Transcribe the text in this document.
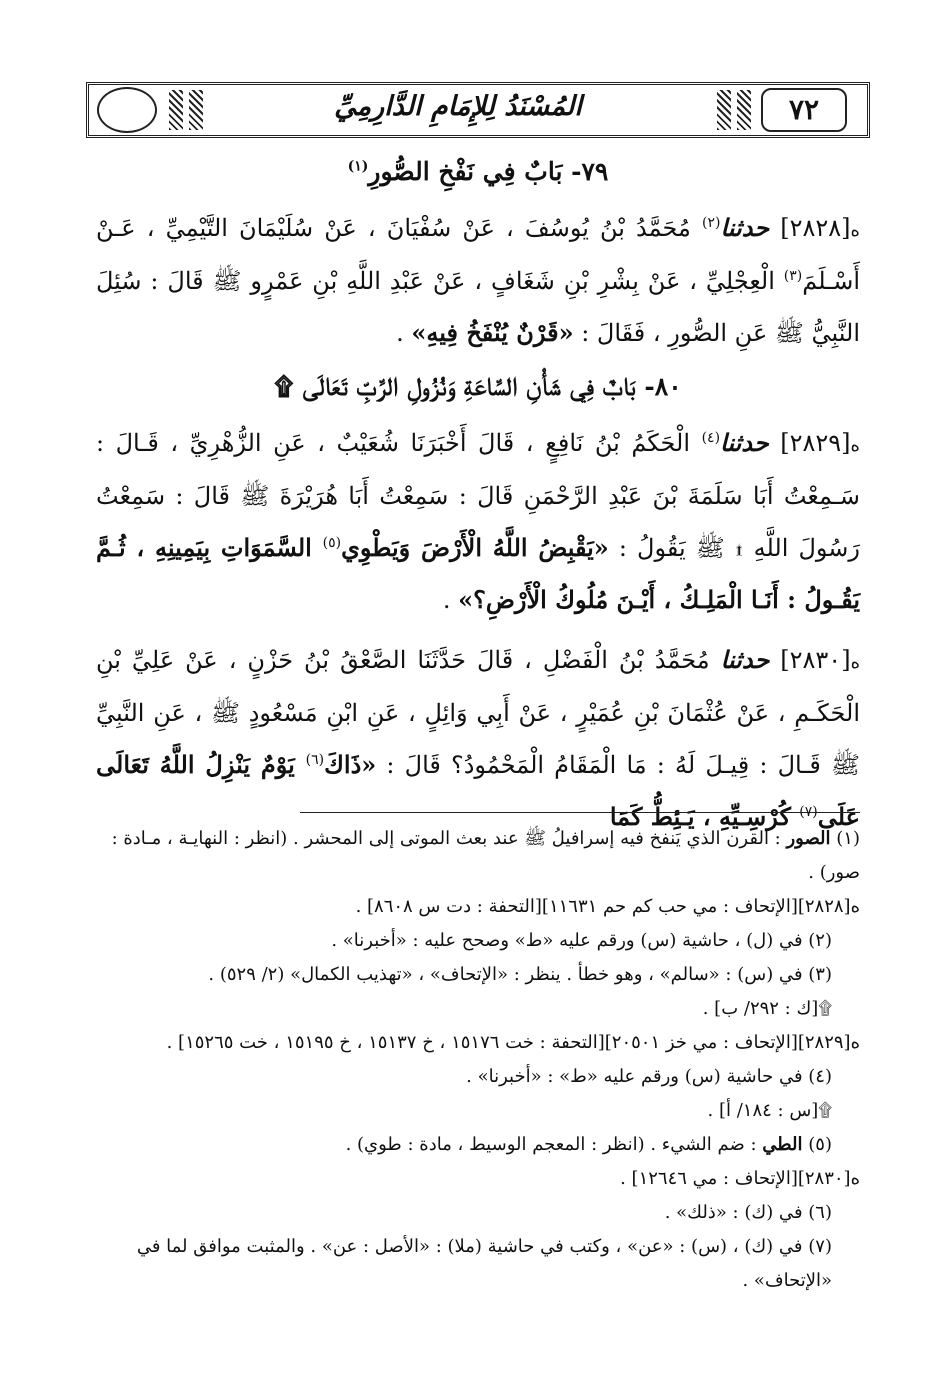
المُسْنَدُ لِلإِمَامِ الدَّارِمِيِّ	٧٢

٧٩- بَابٌ فِي نَفْخِ الصُّورِ$^{(١)}$

ە[٢٨٢٨] حدثنا$^{(٢)}$ مُحَمَّدُ بْنُ يُوسُفَ ، عَنْ سُفْيَانَ ، عَنْ سُلَيْمَانَ التَّيْمِيِّ ، عَـنْ أَسْـلَمَ$^{(٣)}$ الْعِجْلِيِّ ، عَنْ بِشْرِ بْنِ شَغَافٍ ، عَنْ عَبْدِ اللَّهِ بْنِ عَمْرٍو ﷺ قَالَ : سُئِلَ النَّبِيُّ ﷺ عَنِ الصُّورِ ، فَقَالَ : «قَرْنٌ يُنْفَخُ فِيهِ» .

٨٠- بَابٌ فِي شَأْنِ السَّاعَةِ وَنُزُولِ الرَّبِّ تَعَالَى ۩

ە[٢٨٢٩] حدثنا$^{(٤)}$ الْحَكَمُ بْنُ نَافِعٍ ، قَالَ أَخْبَرَنَا شُعَيْبٌ ، عَنِ الزُّهْرِيِّ ، قَـالَ : سَـمِعْتُ أَبَا سَلَمَةَ بْنَ عَبْدِ الرَّحْمَنِ قَالَ : سَمِعْتُ أَبَا هُرَيْرَةَ ﷺ قَالَ : سَمِعْتُ رَسُولَ اللَّهِ ۩ ﷺ يَقُولُ : «يَقْبِضُ اللَّهُ الْأَرْضَ وَيَطْوِي$^{(٥)}$ السَّمَوَاتِ بِيَمِينِهِ ، ثُـمَّ يَقُـولُ : أَنَـا الْمَلِـكُ ، أَيْـنَ مُلُوكُ الْأَرْضِ؟» .

ە[٢٨٣٠] حدثنا مُحَمَّدُ بْنُ الْفَضْلِ ، قَالَ حَدَّثَنَا الصَّعْقُ بْنُ حَزْنٍ ، عَنْ عَلِيِّ بْنِ الْحَكَـمِ ، عَنْ عُثْمَانَ بْنِ عُمَيْرٍ ، عَنْ أَبِي وَائِلٍ ، عَنِ ابْنِ مَسْعُودٍ ﷺ ، عَنِ النَّبِيِّ ﷺ قَـالَ : قِيـلَ لَهُ : مَا الْمَقَامُ الْمَحْمُودُ؟ قَالَ : «ذَاكَ$^{(٦)}$ يَوْمٌ يَنْزِلُ اللَّهُ تَعَالَى عَلَى$^{(٧)}$ كُرْسِـيِّهِ ، يَـئِطُّ كَمَا

(١) الصور : القرن الذي يَنفخ فيه إسرافيلُ ﷺ عند بعث الموتى إلى المحشر . (انظر : النهايـة ، مـادة : صور) .

ە[٢٨٢٨][الإتحاف : مي حب كم حم ١١٦٣١][التحفة : دت س ٨٦٠٨] .

(٢) في (ل) ، حاشية (س) ورقم عليه «ط» وصحح عليه : «أخبرنا» .

(٣) في (س) : «سالم» ، وهو خطأ . ينظر : «الإتحاف» ، «تهذيب الكمال» (٢/ ٥٢٩) .

۩[ك : ٢٩٢/ ب] .

ە[٢٨٢٩][الإتحاف : مي خز ٢٠٥٠١][التحفة : خت ١٥١٧٦ ، خ ١٥١٣٧ ، خ ١٥١٩٥ ، خت ١٥٢٦٥] .

(٤) في حاشية (س) ورقم عليه «ط» : «أخبرنا» .

۩[س : ١٨٤/ أ] .

(٥) الطي : ضم الشيء . (انظر : المعجم الوسيط ، مادة : طوي) .

ە[٢٨٣٠][الإتحاف : مي ١٢٦٤٦] .

(٦) في (ك) : «ذلك» .

(٧) في (ك) ، (س) : «عن» ، وكتب في حاشية (ملا) : «الأصل : عن» . والمثبت موافق لما في «الإتحاف» .
